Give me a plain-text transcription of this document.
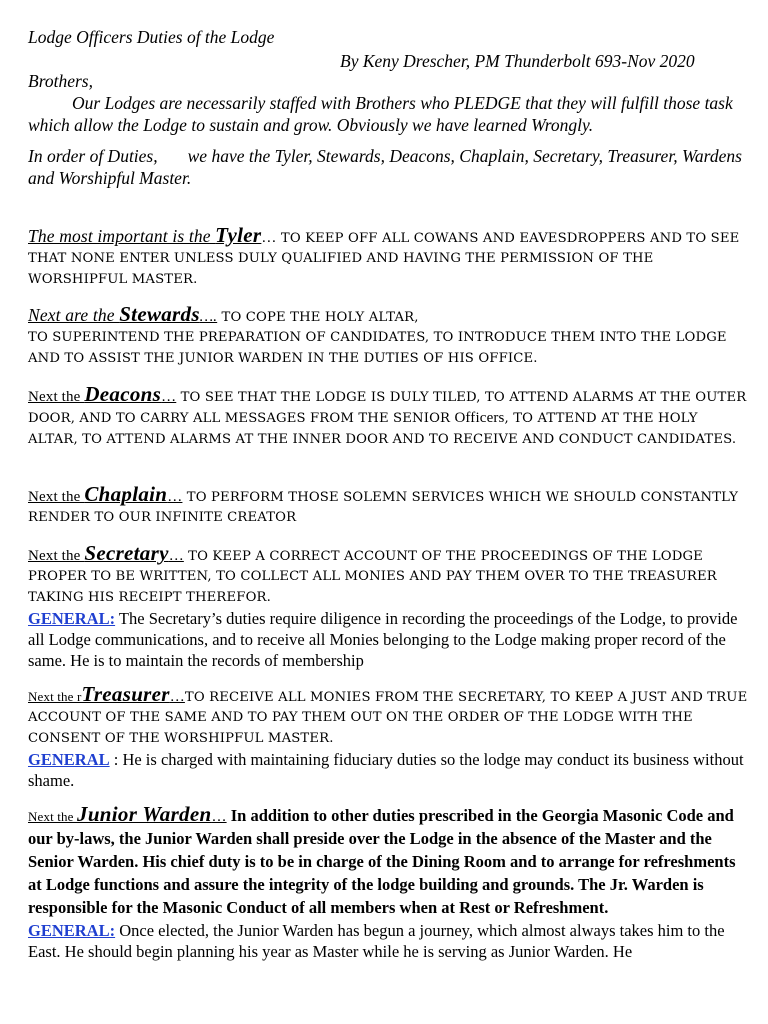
Lodge Officers Duties of the Lodge
By Keny Drescher, PM Thunderbolt 693-Nov 2020
Brothers,
Our Lodges are necessarily staffed with Brothers who PLEDGE that they will fulfill those task which allow the Lodge to sustain and grow. Obviously we have learned Wrongly.
In order of Duties, we have the Tyler, Stewards, Deacons, Chaplain, Secretary, Treasurer, Wardens and Worshipful Master.

The most important is the Tyler… TO KEEP OFF ALL COWANS AND EAVESDROPPERS AND TO SEE THAT NONE ENTER UNLESS DULY QUALIFIED AND HAVING THE PERMISSION OF THE WORSHIPFUL MASTER.

Next are the Stewards…. TO COPE THE HOLY ALTAR,
TO SUPERINTEND THE PREPARATION OF CANDIDATES, TO INTRODUCE THEM INTO THE LODGE AND TO ASSIST THE JUNIOR WARDEN IN THE DUTIES OF HIS OFFICE.

Next the Deacons… TO SEE THAT THE LODGE IS DULY TILED, TO ATTEND ALARMS AT THE OUTER DOOR, AND TO CARRY ALL MESSAGES FROM THE SENIOR Officers, TO ATTEND AT THE HOLY ALTAR, TO ATTEND ALARMS AT THE INNER DOOR AND TO RECEIVE AND CONDUCT CANDIDATES.

Next the Chaplain… TO PERFORM THOSE SOLEMN SERVICES WHICH WE SHOULD CONSTANTLY RENDER TO OUR INFINITE CREATOR

Next the Secretary… TO KEEP A CORRECT ACCOUNT OF THE PROCEEDINGS OF THE LODGE PROPER TO BE WRITTEN, TO COLLECT ALL MONIES AND PAY THEM OVER TO THE TREASURER TAKING HIS RECEIPT THEREFOR.

GENERAL: The Secretary’s duties require diligence in recording the proceedings of the Lodge, to provide all Lodge communications, and to receive all Monies belonging to the Lodge making proper record of the same. He is to maintain the records of membership

Next the rTreasurer…TO RECEIVE ALL MONIES FROM THE SECRETARY, TO KEEP A JUST AND TRUE ACCOUNT OF THE SAME AND TO PAY THEM OUT ON THE ORDER OF THE LODGE WITH THE CONSENT OF THE WORSHIPFUL MASTER.

GENERAL : He is charged with maintaining fiduciary duties so the lodge may conduct its business without shame.

Next the Junior Warden… In addition to other duties prescribed in the Georgia Masonic Code and our by-laws, the Junior Warden shall preside over the Lodge in the absence of the Master and the Senior Warden. His chief duty is to be in charge of the Dining Room and to arrange for refreshments at Lodge functions and assure the integrity of the lodge building and grounds. The Jr. Warden is responsible for the Masonic Conduct of all members when at Rest or Refreshment.

GENERAL: Once elected, the Junior Warden has begun a journey, which almost always takes him to the East. He should begin planning his year as Master while he is serving as Junior Warden. He
